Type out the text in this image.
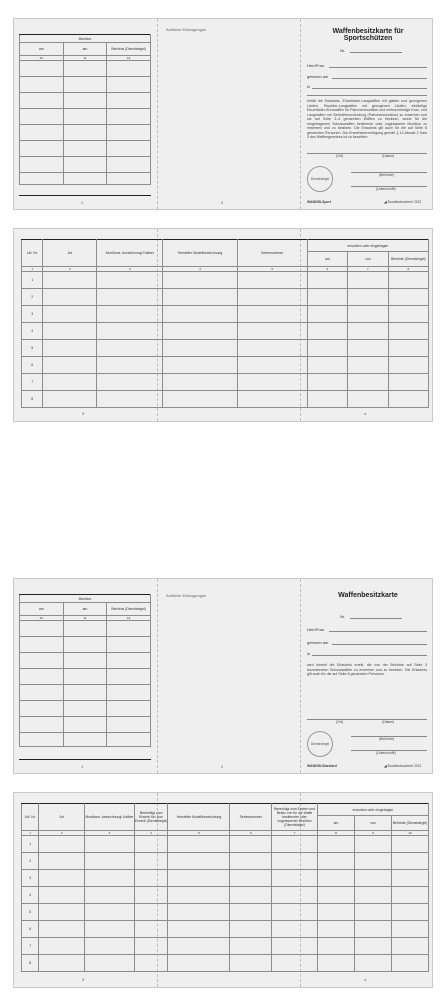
Munition		
am	am	Behörde (Dienstsiegel)
10	11	12

1
Amtliche Eintragungen
2
Waffenbesitzkarte für
Sportschützen
Nr.
Herr/Frau
geboren am
in
erhält die Erlaubnis, Einzellader-Langwaffen mit glatten und gezogenen Läufen, Repetier-Langwaffen mit gezogenen Läufen, einläufige Einzellader-Kurzwaffen für Patronenmunition und mehrschüssige Kurz- und Langwaffen mit Zentralfeuerzündung (Patronenmunition) zu erwerben und sie auf Seite 3–4 genannten Waffen zu besitzen, sowie für die eingetragenen Schusswaffen bestimmte oder zugelassene Munition zu erwerben und zu besitzen. Die Erlaubnis gilt auch für die auf Seite 8 genannten Personen. Die Erwerbsberechtigung gemäß § 14 Absatz 2 Satz 3 des Waffengesetzes ist zu beachten.
(Ort)	(Datum)
Dienstsiegel
(Behörde)
(Unterschrift)
WAM/SB-Sport	◢ Bundesdruckerei 2021
Lfd. Nr.	Art	Munitions- bezeichnung/ Kaliber	Hersteller Modellbezeichnung	Seriennummer	erworben oder eingetragen		
					am	von	Behörde (Dienstsiegel)
1	2	3	4	5	6	7	8
1							
2							
3							
4							
5							
6							
7							
8							
3	4
Munition		
am	am	Behörde (Dienstsiegel)
10	11	12

1
Amtliche Eintragungen
2
Waffenbesitzkarte
Nr.
Herr/Frau
geboren am
in
wird hiermit die Erlaubnis erteilt, die von der Behörde auf Seite 3 bezeichneten Schusswaffen zu erwerben und zu besitzen. Die Erlaubnis gilt auch für die auf Seite 8 genannten Personen.
(Ort)	(Datum)
Dienstsiegel
(Behörde)
(Unterschrift)
WAM/SB-Standard	◢ Bundesdruckerei 2021
Lfd. Nr.	Art	Munitions- bezeichnung/ Kaliber	Berechtigt zum Erwerb für/ zum Erwerb (Dienstsiegel)	Hersteller Modellbezeichnung	Seriennummer	Berechtigt zum Erwerb und Besitz von für die Waffe bestimmter oder zugelassener Munition (Dienstsiegel)	erworben oder eingetragen		
							am	von	Behörde (Dienstsiegel)
1	2	3	4	5	6	7	8	9	10
1									
2									
3									
4									
5									
6									
7									
8									
3	4
